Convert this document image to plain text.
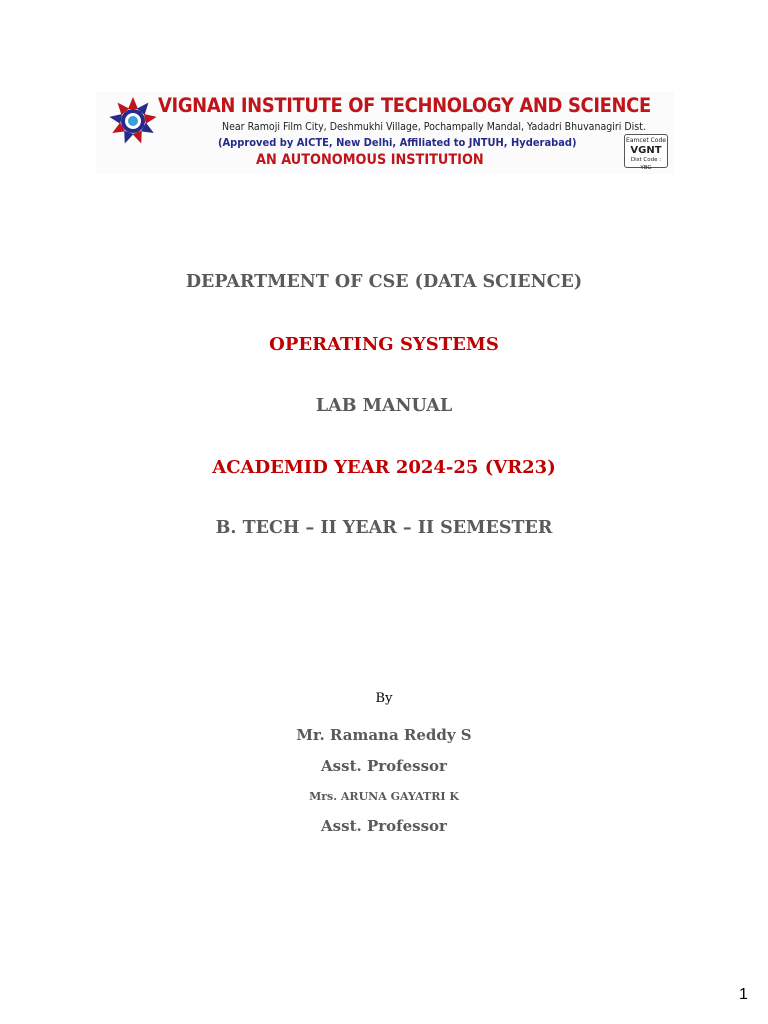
VIGNAN INSTITUTE OF TECHNOLOGY AND SCIENCE
Near Ramoji Film City, Deshmukhi Village, Pochampally Mandal, Yadadri Bhuvanagiri Dist.
(Approved by AICTE, New Delhi, Affiliated to JNTUH, Hyderabad)
AN AUTONOMOUS INSTITUTION
Eamcet Code
VGNT
Dist Code : YBG
DEPARTMENT OF CSE (DATA SCIENCE)
OPERATING SYSTEMS
LAB MANUAL
ACADEMID YEAR 2024-25 (VR23)
B. TECH – II YEAR – II SEMESTER
By
Mr. Ramana Reddy S
Asst. Professor
Mrs. ARUNA GAYATRI K
Asst. Professor
1
